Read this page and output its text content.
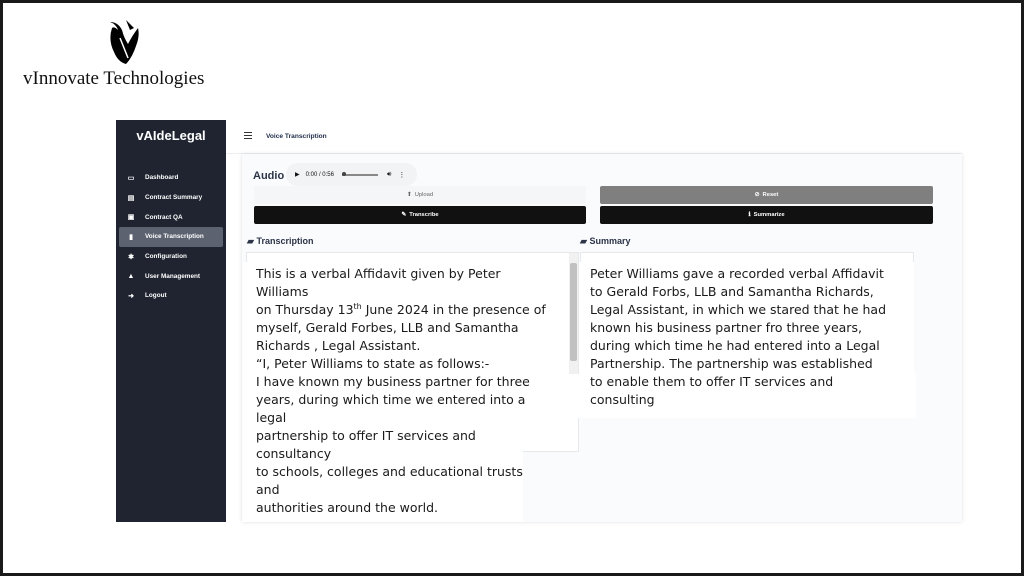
vInnovate Technologies
vAIdeLegal
▭ Dashboard
▤ Contract Summary
▣ Contract QA
▮	Voice Transcription
✱	Configuration
▲ User Management
➜	Logout
Voice Transcription
Audio ▶ 0:00 / 0:56	🔊︎ ⋮
⬆ Upload	⊘ Reset
✎ Transcribe	ℹ Summarize
▰ Transcription	▰ Summary
This is a verbal Affidavit given by Peter Williams
on Thursday 13th June 2024 in the presence of
myself, Gerald Forbes, LLB and Samantha
Richards , Legal Assistant.
“I, Peter Williams to state as follows:-
I have known my business partner for three
years, during which time we entered into a legal
partnership to offer IT services and consultancy
to schools, colleges and educational trusts and
authorities around the world.
Peter Williams gave a recorded verbal Affidavit
to Gerald Forbs, LLB and Samantha Richards,
Legal Assistant, in which we stared that he had
known his business partner fro three years,
during which time he had entered into a Legal
Partnership. The partnership was established
to enable them to offer IT services and
consulting
